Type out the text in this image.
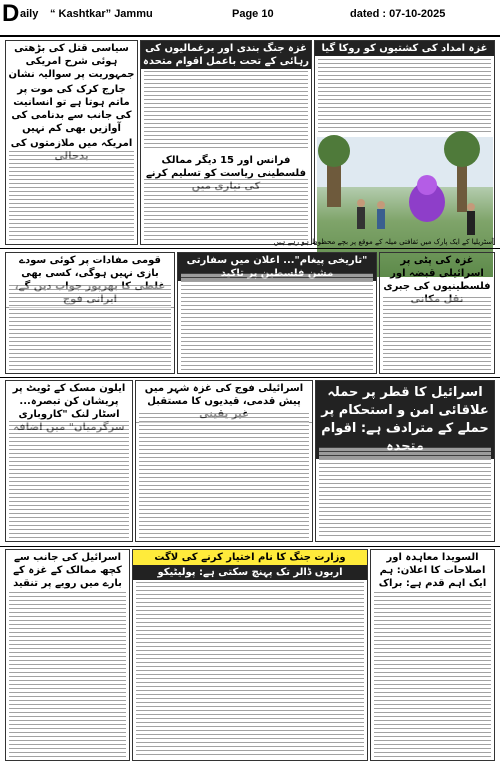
D aily “ Kashtkar” Jammu	Page 10	dated : 07-10-2025
سیاسی قتل کی بڑھتی ہوئی شرح امریکی جمہوریت پر سوالیہ نشان
جارج کرک کی موت پر ماتم ہوتا ہے تو انسانیت کی جانب سے بدنامی کی آوازیں بھی کم نہیں
امریکہ میں ملازمتوں کی
غزہ جنگ بندی اور یرغمالیوں کی رہائی کے تحت باعمل اقوام متحدہ
فرانس اور 15 دیگر ممالک فلسطینی ریاست کو تسلیم کرنے
غزہ امداد کی کشتیوں کو روکا گیا
آسٹریلیا کے ایک پارک میں ثقافتی میلہ کے موقع پر بچے محظوظ ہو رہے ہیں
قومی مفادات پر کوئی سودے بازی نہیں ہوگی، کسی بھی
"تاریخی پیغام"... اعلان میں سفارتی	غزہ کی پٹی پر اسرائیلی قبضہ اور فلسطینیوں کی جبری
ایلون مسک کے ٹویٹ پر پریشان کن تبصرہ... اسٹار لنک "کاروباری
اسرائیلی فوج کی غزہ شہر میں پیش قدمی، قیدیوں کا مستقبل
اسرائیل کا قطر پر حملہ علاقائی امن و استحکام پر حملے کے مترادف ہے: اقوام
اسرائیل کی جانب سے کچھ ممالک کے غزہ کے بارے میں رویے پر تنقید
وزارت جنگ کا نام اختیار کرنے کی لاگت
اربوں ڈالر تک پہنچ سکتی ہے: پولیٹیکو
السویدا معاہدہ اور اصلاحات کا اعلان: ہم ایک اہم قدم ہے: براک
